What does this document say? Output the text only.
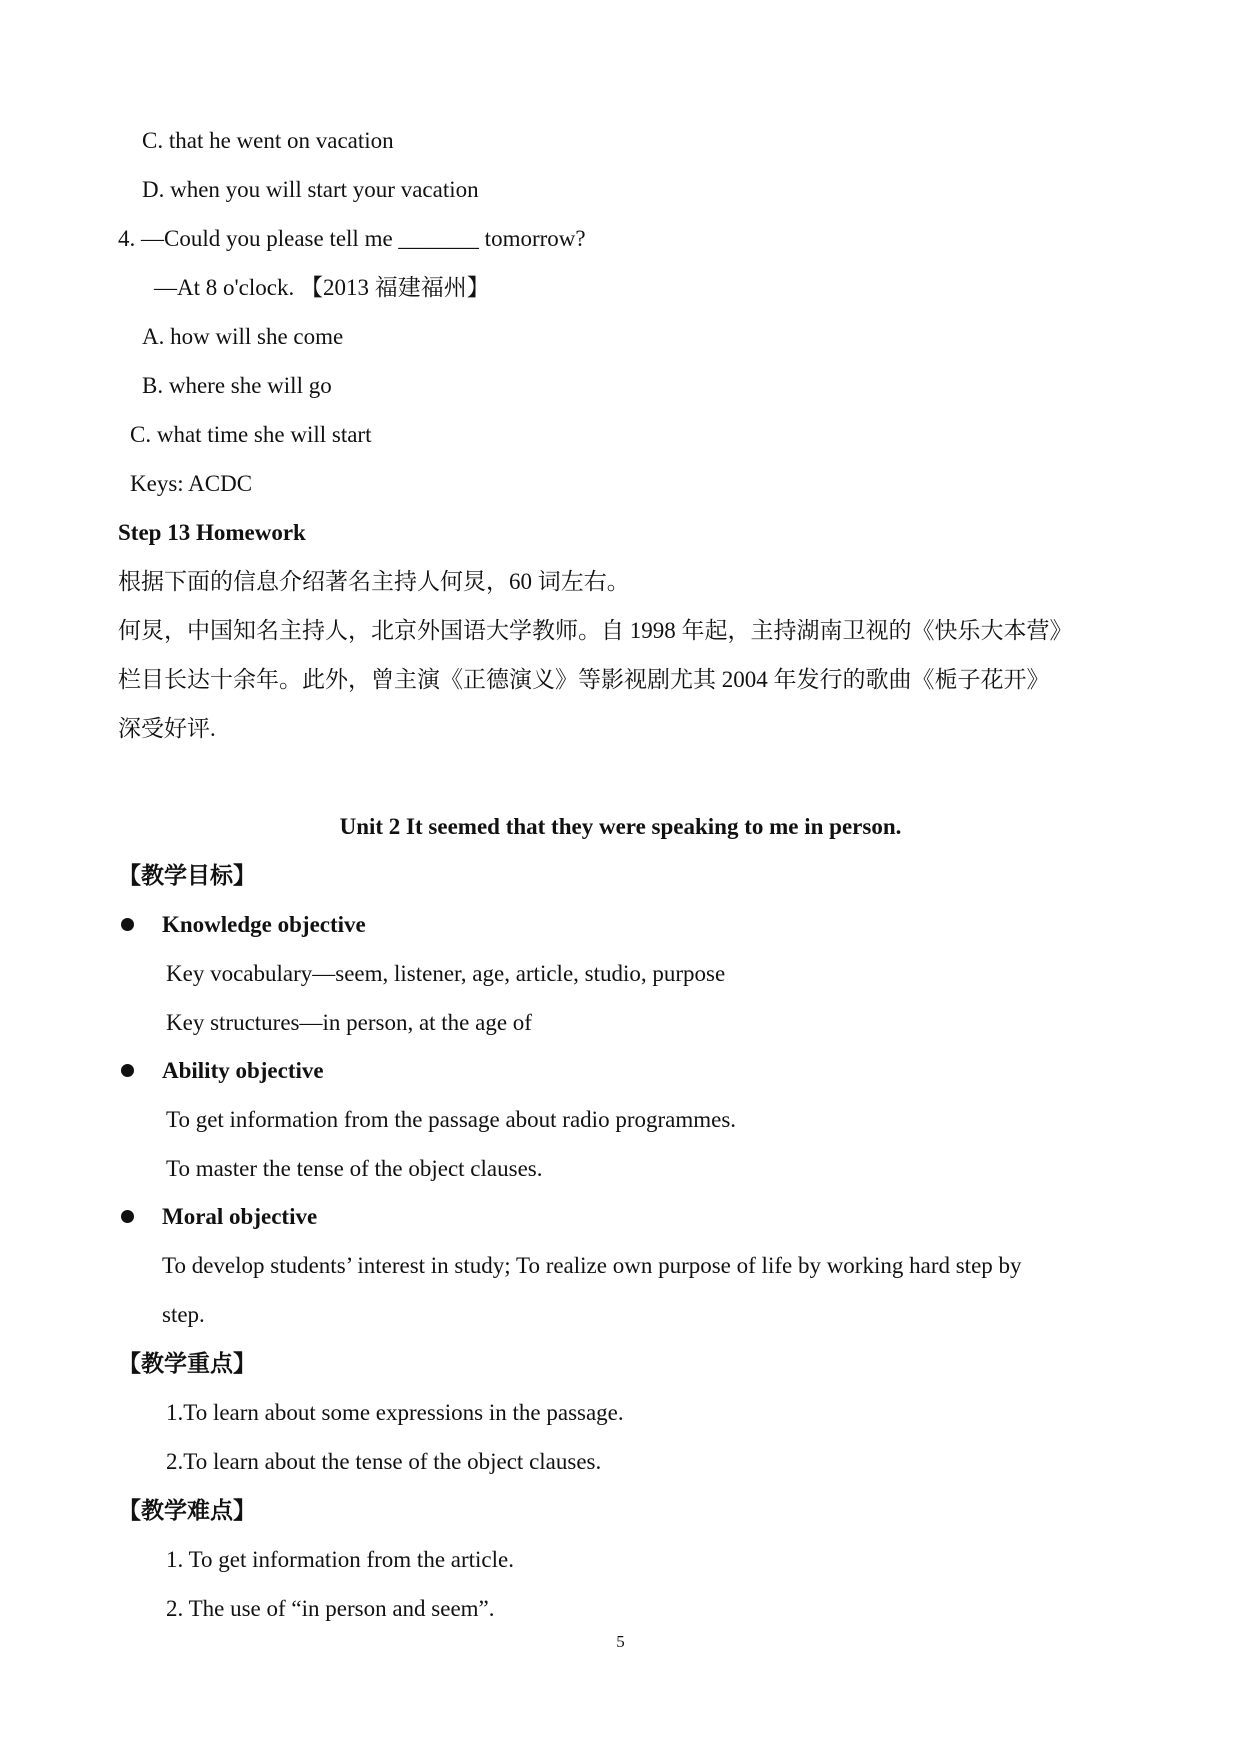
C. that he went on vacation
D. when you will start your vacation
4. —Could you please tell me _______ tomorrow?
—At 8 o'clock. 【2013 福建福州】
A. how will she come
B. where she will go
C. what time she will start
Keys: ACDC
Step 13 Homework
根据下面的信息介绍著名主持人何炅，60 词左右。
何炅，中国知名主持人，北京外国语大学教师。自 1998 年起，主持湖南卫视的《快乐大本营》
栏目长达十余年。此外，曾主演《正德演义》等影视剧尤其 2004 年发行的歌曲《栀子花开》
深受好评.
Unit 2 It seemed that they were speaking to me in person.
【教学目标】
Knowledge objective
Key vocabulary—seem, listener, age, article, studio, purpose
Key structures—in person, at the age of
Ability objective
To get information from the passage about radio programmes.
To master the tense of the object clauses.
Moral objective
To develop students’ interest in study; To realize own purpose of life by working hard step by
step.
【教学重点】
1.To learn about some expressions in the passage.
2.To learn about the tense of the object clauses.
【教学难点】
1. To get information from the article.
2. The use of “in person and seem”.
5
